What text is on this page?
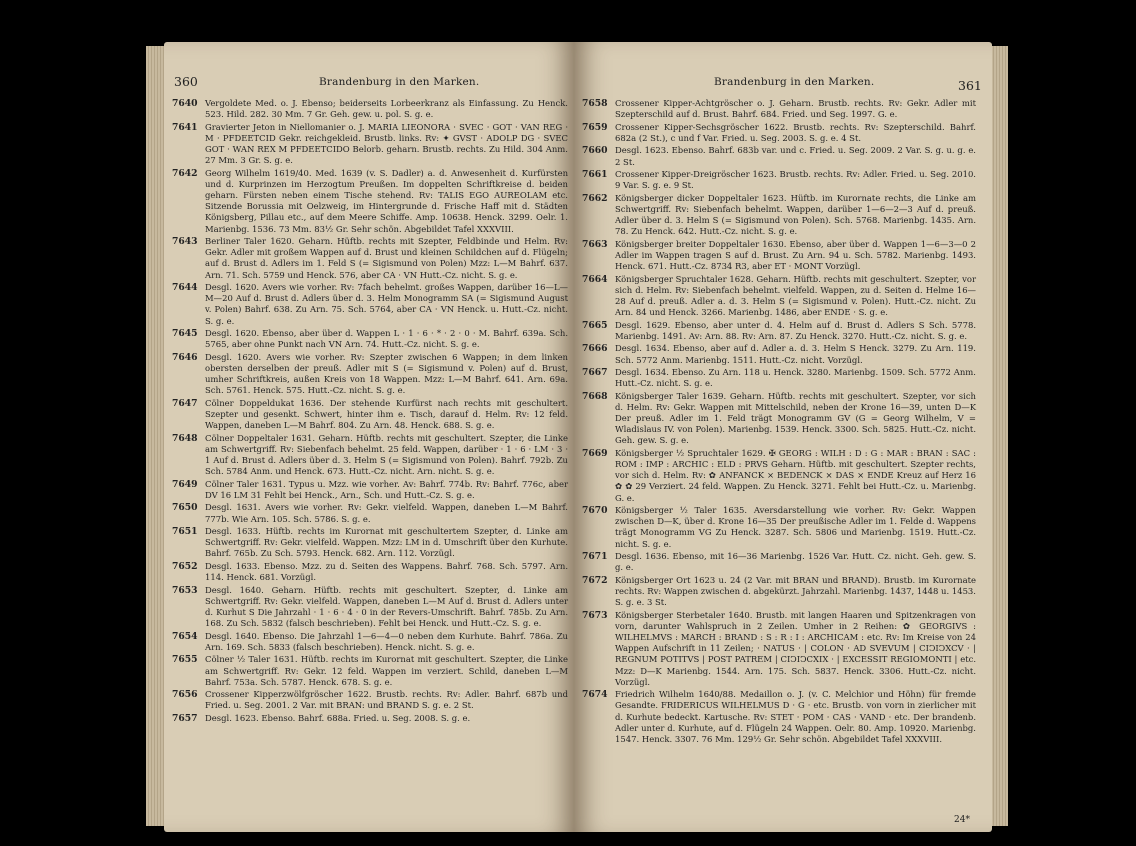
360	Brandenburg in den Marken.
7640 Vergoldete Med. o. J. Ebenso; beiderseits Lorbeerkranz als Einfassung. Zu Henck. 523. Hild. 282. 30 Mm. 7 Gr. Geh. gew. u. pol. S. g. e.
7641 Gravierter Jeton in Niellomanier o. J. MARIA LIEONORA · SVEC · GOT · VAN REG · M · PFDEETCID Gekr. reichgekleid. Brustb. links. Rv: ✦ GVST · ADOLP DG · SVEC GOT · WAN REX M PFDEETCIDO Belorb. geharn. Brustb. rechts. Zu Hild. 304 Anm. 27 Mm. 3 Gr. S. g. e.
7642 Georg Wilhelm 1619/40. Med. 1639 (v. S. Dadler) a. d. Anwesenheit d. Kurfürsten und d. Kurprinzen im Herzogtum Preußen. Im doppelten Schriftkreise d. beiden geharn. Fürsten neben einem Tische stehend. Rv: TALIS EGO AUREOLAM etc. Sitzende Borussia mit Oelzweig, im Hintergrunde d. Frische Haff mit d. Städten Königsberg, Pillau etc., auf dem Meere Schiffe. Amp. 10638. Henck. 3299. Oelr. 1. Marienbg. 1536. 73 Mm. 83½ Gr. Sehr schön. Abgebildet Tafel XXXVIII.
7643 Berliner Taler 1620. Geharn. Hüftb. rechts mit Szepter, Feldbinde und Helm. Rv: Gekr. Adler mit großem Wappen auf d. Brust und kleinen Schildchen auf d. Flügeln; auf d. Brust d. Adlers im 1. Feld S (= Sigismund von Polen) Mzz: L—M Bahrf. 637. Arn. 71. Sch. 5759 und Henck. 576, aber CA · VN Hutt.-Cz. nicht. S. g. e.
7644 Desgl. 1620. Avers wie vorher. Rv: 7fach behelmt. großes Wappen, darüber 16—L—M—20 Auf d. Brust d. Adlers über d. 3. Helm Monogramm SA (= Sigismund August v. Polen) Bahrf. 638. Zu Arn. 75. Sch. 5764, aber CA · VN Henck. u. Hutt.-Cz. nicht. S. g. e.
7645 Desgl. 1620. Ebenso, aber über d. Wappen L · 1 · 6 · * · 2 · 0 · M. Bahrf. 639a. Sch. 5765, aber ohne Punkt nach VN Arn. 74. Hutt.-Cz. nicht. S. g. e.
7646 Desgl. 1620. Avers wie vorher. Rv: Szepter zwischen 6 Wappen; in dem linken obersten derselben der preuß. Adler mit S (= Sigismund v. Polen) auf d. Brust, umher Schriftkreis, außen Kreis von 18 Wappen. Mzz: L—M Bahrf. 641. Arn. 69a. Sch. 5761. Henck. 575. Hutt.-Cz. nicht. S. g. e.
7647 Cölner Doppeldukat 1636. Der stehende Kurfürst nach rechts mit geschultert. Szepter und gesenkt. Schwert, hinter ihm e. Tisch, darauf d. Helm. Rv: 12 feld. Wappen, daneben L—M Bahrf. 804. Zu Arn. 48. Henck. 688. S. g. e.
7648 Cölner Doppeltaler 1631. Geharn. Hüftb. rechts mit geschultert. Szepter, die Linke am Schwertgriff. Rv: Siebenfach behelmt. 25 feld. Wappen, darüber · 1 · 6 · LM · 3 · 1 Auf d. Brust d. Adlers über d. 3. Helm S (= Sigismund von Polen). Bahrf. 792b. Zu Sch. 5784 Anm. und Henck. 673. Hutt.-Cz. nicht. Arn. nicht. S. g. e.
7649 Cölner Taler 1631. Typus u. Mzz. wie vorher. Av: Bahrf. 774b. Rv: Bahrf. 776c, aber DV 16 LM 31 Fehlt bei Henck., Arn., Sch. und Hutt.-Cz. S. g. e.
7650 Desgl. 1631. Avers wie vorher. Rv: Gekr. vielfeld. Wappen, daneben L—M Bahrf. 777b. Wie Arn. 105. Sch. 5786. S. g. e.
7651 Desgl. 1633. Hüftb. rechts im Kurornat mit geschultertem Szepter, d. Linke am Schwertgriff. Rv: Gekr. vielfeld. Wappen. Mzz: LM in d. Umschrift über den Kurhute. Bahrf. 765b. Zu Sch. 5793. Henck. 682. Arn. 112. Vorzügl.
7652 Desgl. 1633. Ebenso. Mzz. zu d. Seiten des Wappens. Bahrf. 768. Sch. 5797. Arn. 114. Henck. 681. Vorzügl.
7653 Desgl. 1640. Geharn. Hüftb. rechts mit geschultert. Szepter, d. Linke am Schwertgriff. Rv: Gekr. vielfeld. Wappen, daneben L—M Auf d. Brust d. Adlers unter d. Kurhut S Die Jahrzahl · 1 · 6 · 4 · 0 in der Revers-Umschrift. Bahrf. 785b. Zu Arn. 168. Zu Sch. 5832 (falsch beschrieben). Fehlt bei Henck. und Hutt.-Cz. S. g. e.
7654 Desgl. 1640. Ebenso. Die Jahrzahl 1—6—4—0 neben dem Kurhute. Bahrf. 786a. Zu Arn. 169. Sch. 5833 (falsch beschrieben). Henck. nicht. S. g. e.
7655 Cölner ½ Taler 1631. Hüftb. rechts im Kurornat mit geschultert. Szepter, die Linke am Schwertgriff. Rv: Gekr. 12 feld. Wappen im verziert. Schild, daneben L—M Bahrf. 753a. Sch. 5787. Henck. 678. S. g. e.
7656 Crossener Kipperzwölfgröscher 1622. Brustb. rechts. Rv: Adler. Bahrf. 687b und Fried. u. Seg. 2001. 2 Var. mit BRAN: und BRAND S. g. e. 2 St.
7657 Desgl. 1623. Ebenso. Bahrf. 688a. Fried. u. Seg. 2008. S. g. e.
Brandenburg in den Marken.	361
7658 Crossener Kipper-Achtgröscher o. J. Geharn. Brustb. rechts. Rv: Gekr. Adler mit Szepterschild auf d. Brust. Bahrf. 684. Fried. und Seg. 1997. G. e.
7659 Crossener Kipper-Sechsgröscher 1622. Brustb. rechts. Rv: Szepterschild. Bahrf. 682a (2 St.), c und f Var. Fried. u. Seg. 2003. S. g. e. 4 St.
7660 Desgl. 1623. Ebenso. Bahrf. 683b var. und c. Fried. u. Seg. 2009. 2 Var. S. g. u. g. e. 2 St.
7661 Crossener Kipper-Dreigröscher 1623. Brustb. rechts. Rv: Adler. Fried. u. Seg. 2010. 9 Var. S. g. e. 9 St.
7662 Königsberger dicker Doppeltaler 1623. Hüftb. im Kurornate rechts, die Linke am Schwertgriff. Rv: Siebenfach behelmt. Wappen, darüber 1—6—2—3 Auf d. preuß. Adler über d. 3. Helm S (= Sigismund von Polen). Sch. 5768. Marienbg. 1435. Arn. 78. Zu Henck. 642. Hutt.-Cz. nicht. S. g. e.
7663 Königsberger breiter Doppeltaler 1630. Ebenso, aber über d. Wappen 1—6—3—0 2 Adler im Wappen tragen S auf d. Brust. Zu Arn. 94 u. Sch. 5782. Marienbg. 1493. Henck. 671. Hutt.-Cz. 8734 R3, aber ET · MONT Vorzügl.
7664 Königsberger Spruchtaler 1628. Geharn. Hüftb. rechts mit geschultert. Szepter, vor sich d. Helm. Rv: Siebenfach behelmt. vielfeld. Wappen, zu d. Seiten d. Helme 16—28 Auf d. preuß. Adler a. d. 3. Helm S (= Sigismund v. Polen). Hutt.-Cz. nicht. Zu Arn. 84 und Henck. 3266. Marienbg. 1486, aber ENDE · S. g. e.
7665 Desgl. 1629. Ebenso, aber unter d. 4. Helm auf d. Brust d. Adlers S Sch. 5778. Marienbg. 1491. Av: Arn. 88. Rv: Arn. 87. Zu Henck. 3270. Hutt.-Cz. nicht. S. g. e.
7666 Desgl. 1634. Ebenso, aber auf d. Adler a. d. 3. Helm S Henck. 3279. Zu Arn. 119. Sch. 5772 Anm. Marienbg. 1511. Hutt.-Cz. nicht. Vorzügl.
7667 Desgl. 1634. Ebenso. Zu Arn. 118 u. Henck. 3280. Marienbg. 1509. Sch. 5772 Anm. Hutt.-Cz. nicht. S. g. e.
7668 Königsberger Taler 1639. Geharn. Hüftb. rechts mit geschultert. Szepter, vor sich d. Helm. Rv: Gekr. Wappen mit Mittelschild, neben der Krone 16—39, unten D—K Der preuß. Adler im 1. Feld trägt Monogramm GV (G = Georg Wilhelm, V = Wladislaus IV. von Polen). Marienbg. 1539. Henck. 3300. Sch. 5825. Hutt.-Cz. nicht. Geh. gew. S. g. e.
7669 Königsberger ½ Spruchtaler 1629. ✠ GEORG : WILH : D : G : MAR : BRAN : SAC : ROM : IMP : ARCHIC : ELD : PRVS Geharn. Hüftb. mit geschultert. Szepter rechts, vor sich d. Helm. Rv: ✿ ANFANCK × BEDENCK × DAS × ENDE Kreuz auf Herz 16 ✿ ✿ 29 Verziert. 24 feld. Wappen. Zu Henck. 3271. Fehlt bei Hutt.-Cz. u. Marienbg. G. e.
7670 Königsberger ½ Taler 1635. Aversdarstellung wie vorher. Rv: Gekr. Wappen zwischen D—K, über d. Krone 16—35 Der preußische Adler im 1. Felde d. Wappens trägt Monogramm VG Zu Henck. 3287. Sch. 5806 und Marienbg. 1519. Hutt.-Cz. nicht. S. g. e.
7671 Desgl. 1636. Ebenso, mit 16—36 Marienbg. 1526 Var. Hutt. Cz. nicht. Geh. gew. S. g. e.
7672 Königsberger Ort 1623 u. 24 (2 Var. mit BRAN und BRAND). Brustb. im Kurornate rechts. Rv: Wappen zwischen d. abgekürzt. Jahrzahl. Marienbg. 1437, 1448 u. 1453. S. g. e. 3 St.
7673 Königsberger Sterbetaler 1640. Brustb. mit langen Haaren und Spitzenkragen von vorn, darunter Wahlspruch in 2 Zeilen. Umher in 2 Reihen: ✿ GEORGIVS : WILHELMVS : MARCH : BRAND : S : R : I : ARCHICAM : etc. Rv: Im Kreise von 24 Wappen Aufschrift in 11 Zeilen; · NATUS · | COLON · AD SVEVUM | CIↃIↃXCV · | REGNUM POTITVS | POST PATREM | CIↃIↃCXIX · | EXCESSIT REGIOMONTI | etc. Mzz: D—K Marienbg. 1544. Arn. 175. Sch. 5837. Henck. 3306. Hutt.-Cz. nicht. Vorzügl.
7674 Friedrich Wilhelm 1640/88. Medaillon o. J. (v. C. Melchior und Höhn) für fremde Gesandte. FRIDERICUS WILHELMUS D · G · etc. Brustb. von vorn in zierlicher mit d. Kurhute bedeckt. Kartusche. Rv: STET · POM · CAS · VAND · etc. Der brandenb. Adler unter d. Kurhute, auf d. Flügeln 24 Wappen. Oelr. 80. Amp. 10920. Marienbg. 1547. Henck. 3307. 76 Mm. 129½ Gr. Sehr schön. Abgebildet Tafel XXXVIII.
24*
